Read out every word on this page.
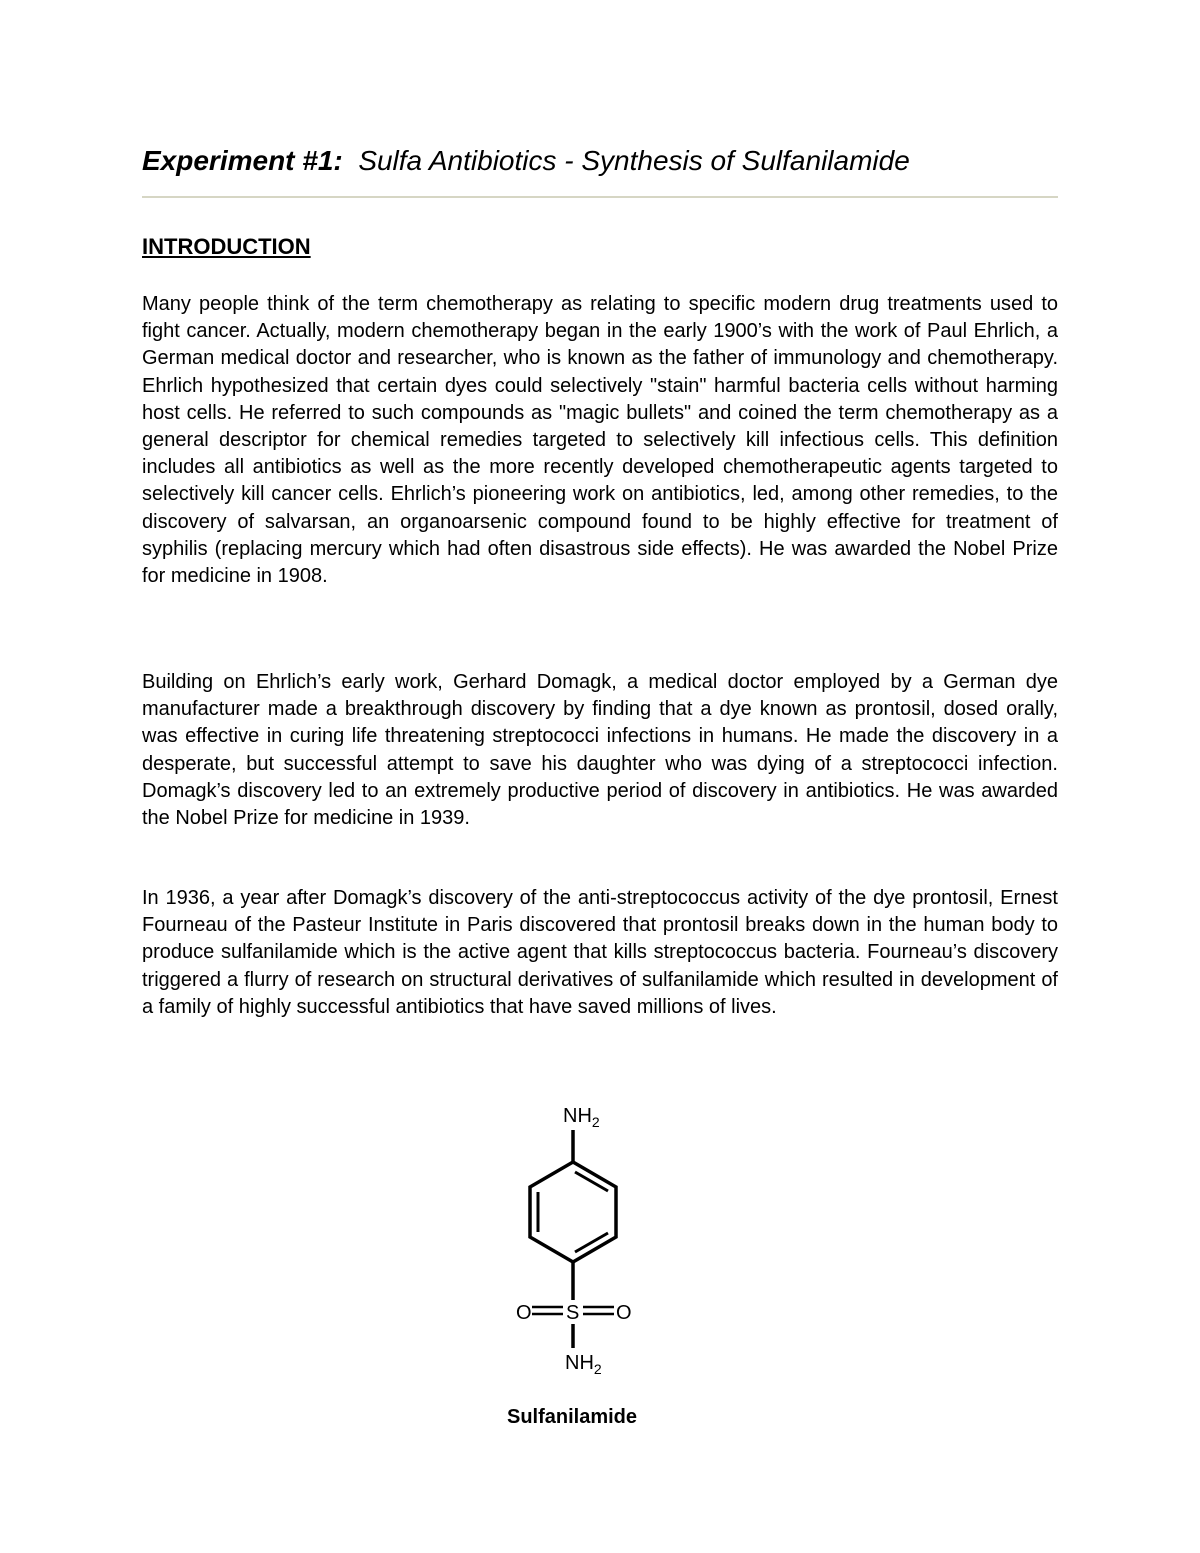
Experiment #1: Sulfa Antibiotics - Synthesis of Sulfanilamide
INTRODUCTION

Many people think of the term chemotherapy as relating to specific modern drug treatments used to fight cancer. Actually, modern chemotherapy began in the early 1900’s with the work of Paul Ehrlich, a German medical doctor and researcher, who is known as the father of immunology and chemotherapy. Ehrlich hypothesized that certain dyes could selectively "stain" harmful bacteria cells without harming host cells. He referred to such compounds as "magic bullets" and coined the term chemotherapy as a general descriptor for chemical remedies targeted to selectively kill infectious cells. This definition includes all antibiotics as well as the more recently developed chemotherapeutic agents targeted to selectively kill cancer cells. Ehrlich’s pioneering work on antibiotics, led, among other remedies, to the discovery of salvarsan, an organoarsenic compound found to be highly effective for treatment of syphilis (replacing mercury which had often disastrous side effects). He was awarded the Nobel Prize for medicine in 1908.

Building on Ehrlich’s early work, Gerhard Domagk, a medical doctor employed by a German dye manufacturer made a breakthrough discovery by finding that a dye known as prontosil, dosed orally, was effective in curing life threatening streptococci infections in humans. He made the discovery in a desperate, but successful attempt to save his daughter who was dying of a streptococci infection. Domagk’s discovery led to an extremely productive period of discovery in antibiotics. He was awarded the Nobel Prize for medicine in 1939.

In 1936, a year after Domagk’s discovery of the anti-streptococcus activity of the dye prontosil, Ernest Fourneau of the Pasteur Institute in Paris discovered that prontosil breaks down in the human body to produce sulfanilamide which is the active agent that kills streptococcus bacteria. Fourneau’s discovery triggered a flurry of research on structural derivatives of sulfanilamide which resulted in development of a family of highly successful antibiotics that have saved millions of lives.

$NH_2$
O S O
$NH_2$
Sulfanilamide
